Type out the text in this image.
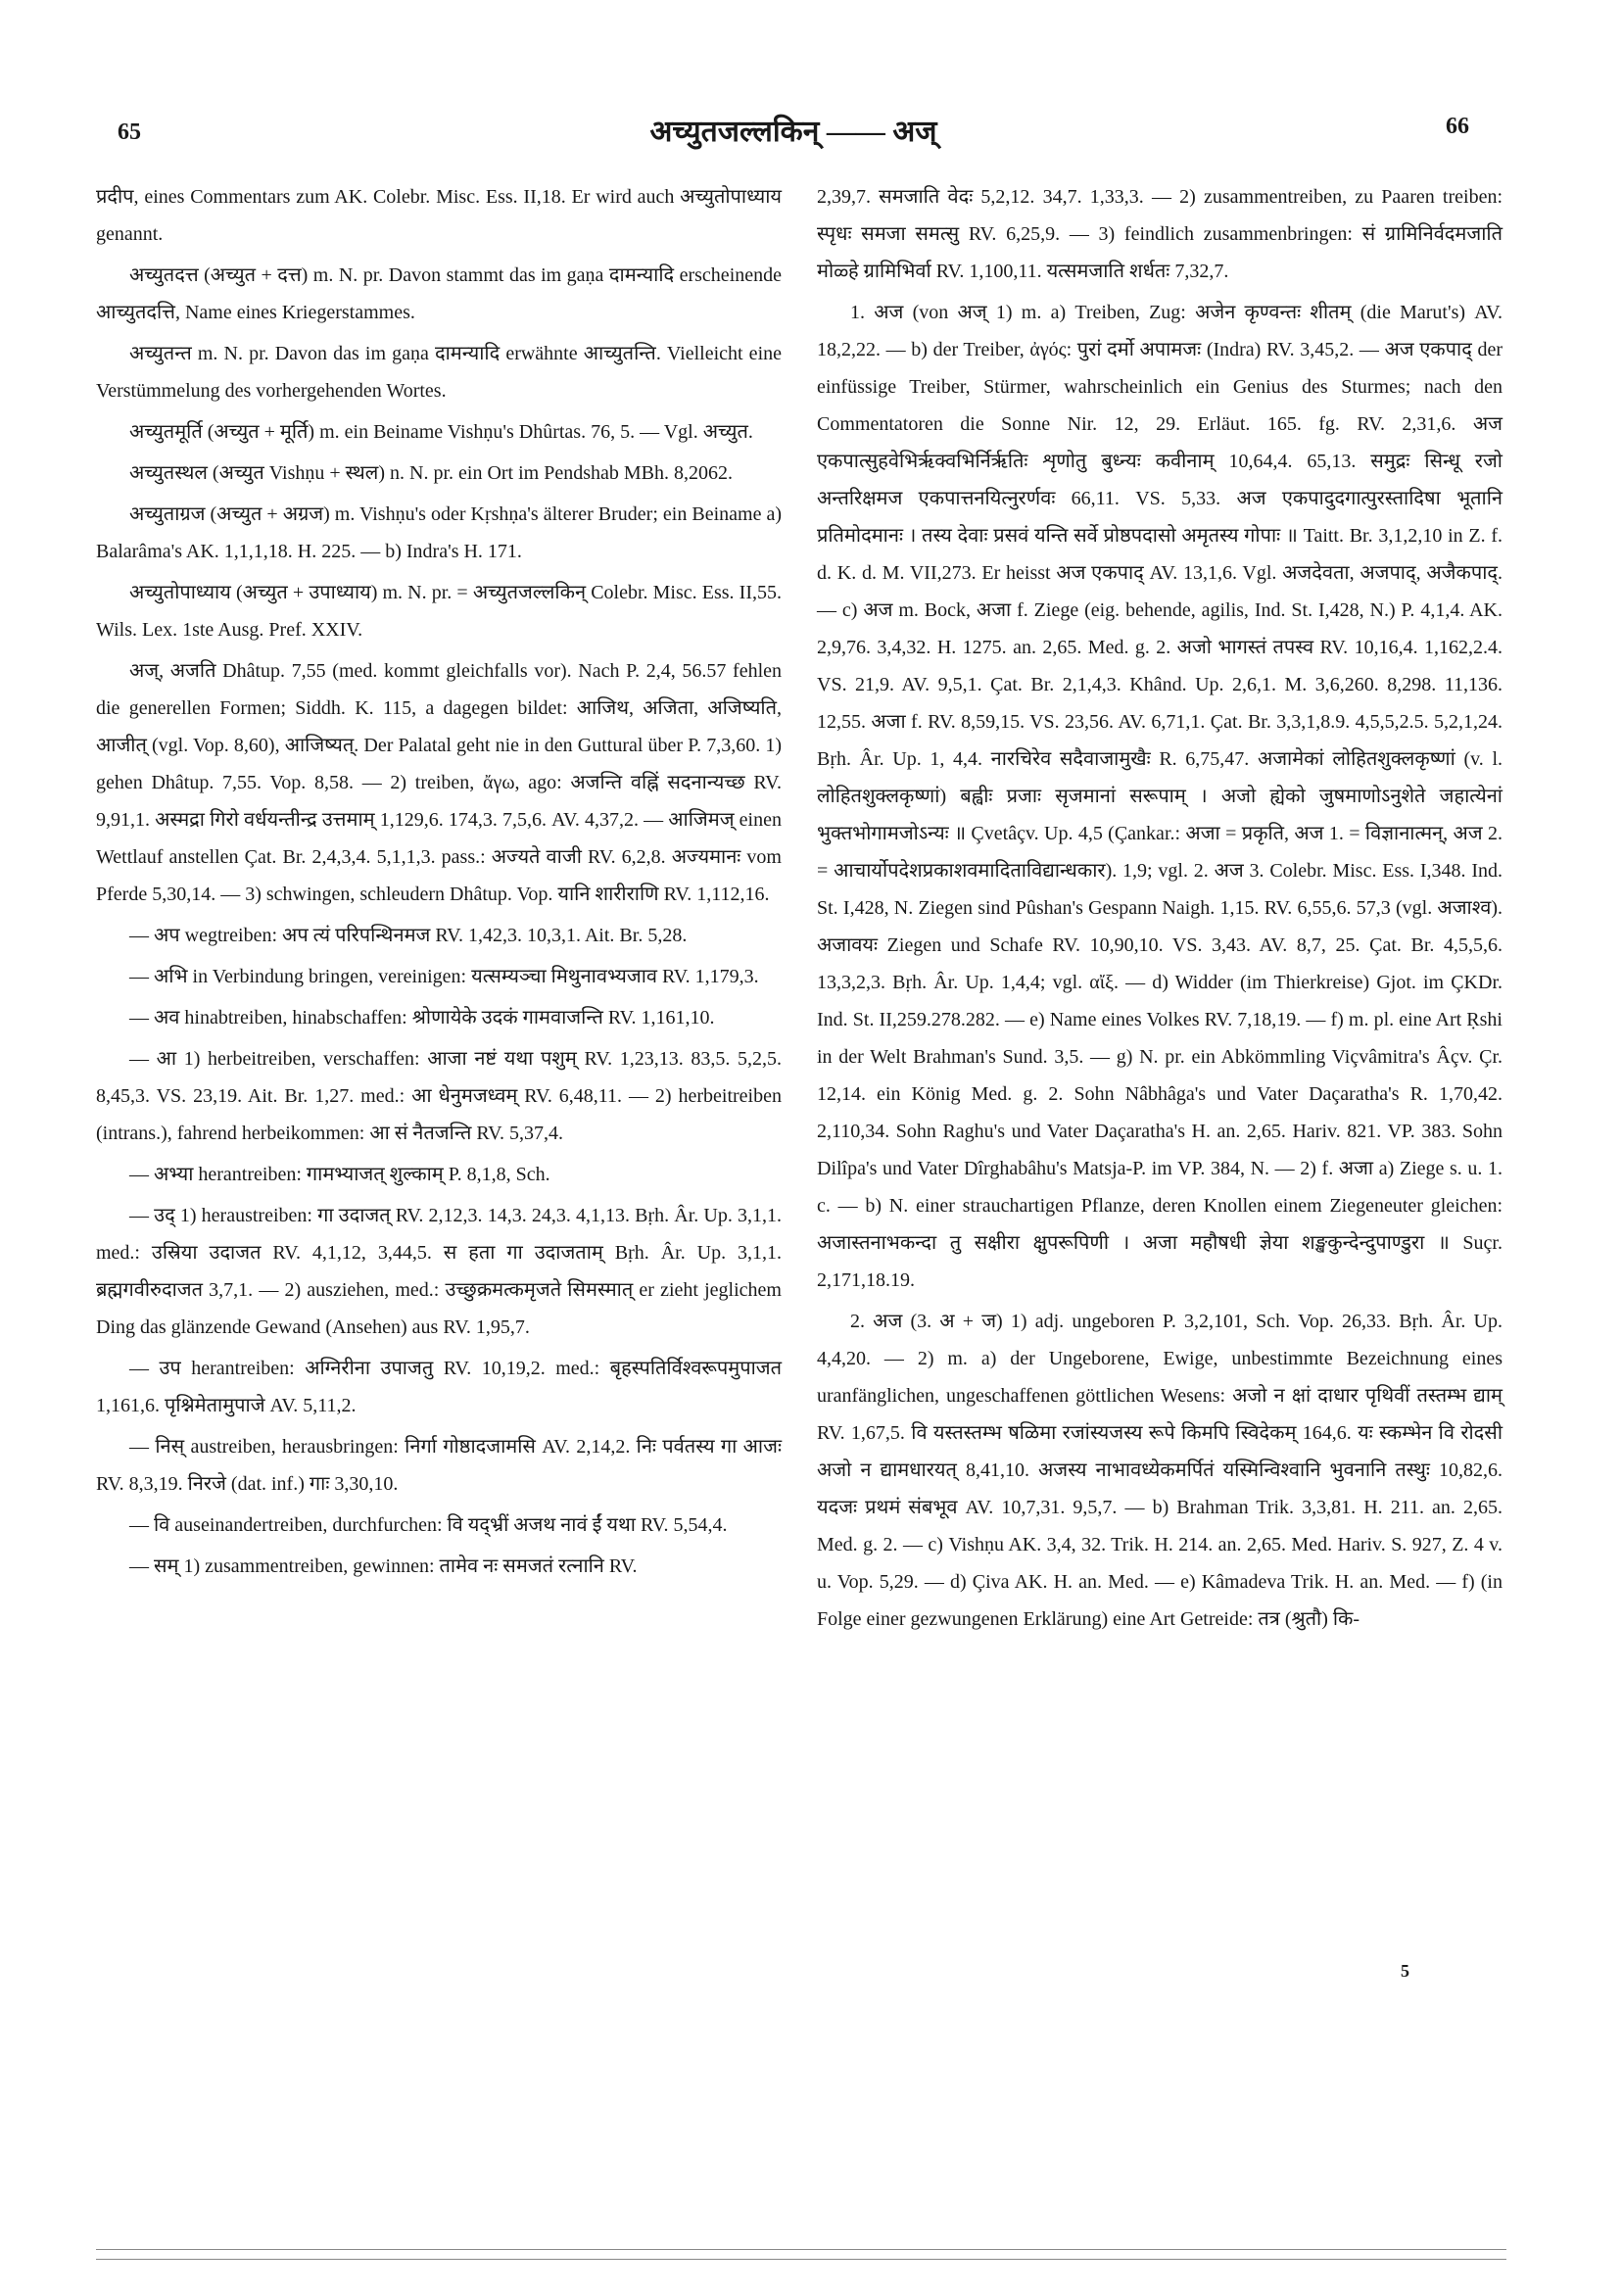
65	अच्युतजल्लकिन् —— अज्	66

प्रदीप, eines Commentars zum AK. Colebr. Misc. Ess. II,18. Er wird auch अच्युतोपाध्याय genannt.

अच्युतदत्त (अच्युत + दत्त) m. N. pr. Davon stammt das im gaṇa दामन्यादि erscheinende आच्युतदत्ति, Name eines Kriegerstammes.

अच्युतन्त m. N. pr. Davon das im gaṇa दामन्यादि erwähnte आच्युतन्ति. Vielleicht eine Verstümmelung des vorhergehenden Wortes.

अच्युतमूर्ति (अच्युत + मूर्ति) m. ein Beiname Vishṇu's Dhûrtas. 76, 5. — Vgl. अच्युत.

अच्युतस्थल (अच्युत Vishṇu + स्थल) n. N. pr. ein Ort im Pendshab MBh. 8,2062.

अच्युताग्रज (अच्युत + अग्रज) m. Vishṇu's oder Kṛshṇa's älterer Bruder; ein Beiname a) Balarâma's AK. 1,1,1,18. H. 225. — b) Indra's H. 171.

अच्युतोपाध्याय (अच्युत + उपाध्याय) m. N. pr. = अच्युतजल्लकिन् Colebr. Misc. Ess. II,55. Wils. Lex. 1ste Ausg. Pref. XXIV.

अज्, अजति Dhâtup. 7,55 (med. kommt gleichfalls vor). Nach P. 2,4, 56.57 fehlen die generellen Formen; Siddh. K. 115, a dagegen bildet: आजिथ, अजिता, अजिष्यति, आजीत् (vgl. Vop. 8,60), आजिष्यत्. Der Palatal geht nie in den Guttural über P. 7,3,60. 1) gehen Dhâtup. 7,55. Vop. 8,58. — 2) treiben, ἄγω, ago: अजन्ति वह्निं सदनान्यच्छ RV. 9,91,1. अस्मद्रा गिरो वर्धयन्तीन्द्र उत्तमाम् 1,129,6. 174,3. 7,5,6. AV. 4,37,2. — आजिमज् einen Wettlauf anstellen Çat. Br. 2,4,3,4. 5,1,1,3. pass.: अज्यते वाजी RV. 6,2,8. अज्यमानः vom Pferde 5,30,14. — 3) schwingen, schleudern Dhâtup. Vop. यानि शारीराणि RV. 1,112,16.

— अप wegtreiben: अप त्यं परिपन्थिनमज RV. 1,42,3. 10,3,1. Ait. Br. 5,28.

— अभि in Verbindung bringen, vereinigen: यत्सम्यञ्चा मिथुनावभ्यजाव RV. 1,179,3.

— अव hinabtreiben, hinabschaffen: श्रोणायेके उदकं गामवाजन्ति RV. 1,161,10.

— आ 1) herbeitreiben, verschaffen: आजा नष्टं यथा पशुम् RV. 1,23,13. 83,5. 5,2,5. 8,45,3. VS. 23,19. Ait. Br. 1,27. med.: आ धेनुमजध्वम् RV. 6,48,11. — 2) herbeitreiben (intrans.), fahrend herbeikommen: आ सं नैतजन्ति RV. 5,37,4.

— अभ्या herantreiben: गामभ्याजत् शुल्काम् P. 8,1,8, Sch.

— उद् 1) heraustreiben: गा उदाजत् RV. 2,12,3. 14,3. 24,3. 4,1,13. Bṛh. Âr. Up. 3,1,1. med.: उस्रिया उदाजत RV. 4,1,12, 3,44,5. स हता गा उदाजताम् Bṛh. Âr. Up. 3,1,1. ब्रह्मगवीरुदाजत 3,7,1. — 2) ausziehen, med.: उच्छुक्रमत्कमृजते सिमस्मात् er zieht jeglichem Ding das glänzende Gewand (Ansehen) aus RV. 1,95,7.

— उप herantreiben: अग्निरीना उपाजतु RV. 10,19,2. med.: बृहस्पतिर्विश्वरूपमुपाजत 1,161,6. पृश्निमेतामुपाजे AV. 5,11,2.

— निस् austreiben, herausbringen: निर्गा गोष्ठादजामसि AV. 2,14,2. निः पर्वतस्य गा आजः RV. 8,3,19. निरजे (dat. inf.) गाः 3,30,10.

— वि auseinandertreiben, durchfurchen: वि यद्भ्रीं अजथ नावं ईं यथा RV. 5,54,4.

— सम् 1) zusammentreiben, gewinnen: तामेव नः समजतं रत्नानि RV.

2,39,7. समजाति वेदः 5,2,12. 34,7. 1,33,3. — 2) zusammentreiben, zu Paaren treiben: स्पृधः समजा समत्सु RV. 6,25,9. — 3) feindlich zusammenbringen: सं ग्रामिनिर्वदमजाति मोळ्हे ग्रामिभिर्वा RV. 1,100,11. यत्समजाति शर्धतः 7,32,7.

1. अज (von अज् 1) m. a) Treiben, Zug: अजेन कृण्वन्तः शीतम् (die Marut's) AV. 18,2,22. — b) der Treiber, ἀγός: पुरां दर्मो अपामजः (Indra) RV. 3,45,2. — अज एकपाद् der einfüssige Treiber, Stürmer, wahrscheinlich ein Genius des Sturmes; nach den Commentatoren die Sonne Nir. 12, 29. Erläut. 165. fg. RV. 2,31,6. अज एकपात्सुहवेभिर्ऋक्वभिर्निर्ऋतिः शृणोतु बुध्न्यः कवीनाम् 10,64,4. 65,13. समुद्रः सिन्धू रजो अन्तरिक्षमज एकपात्तनयित्नुरर्णवः 66,11. VS. 5,33. अज एकपादुदगात्पुरस्तादिषा भूतानि प्रतिमोदमानः । तस्य देवाः प्रसवं यन्ति सर्वे प्रोष्ठपदासो अमृतस्य गोपाः ॥ Taitt. Br. 3,1,2,10 in Z. f. d. K. d. M. VII,273. Er heisst अज एकपाद् AV. 13,1,6. Vgl. अजदेवता, अजपाद्, अजैकपाद्. — c) अज m. Bock, अजा f. Ziege (eig. behende, agilis, Ind. St. I,428, N.) P. 4,1,4. AK. 2,9,76. 3,4,32. H. 1275. an. 2,65. Med. g. 2. अजो भागस्तं तपस्व RV. 10,16,4. 1,162,2.4. VS. 21,9. AV. 9,5,1. Çat. Br. 2,1,4,3. Khând. Up. 2,6,1. M. 3,6,260. 8,298. 11,136. 12,55. अजा f. RV. 8,59,15. VS. 23,56. AV. 6,71,1. Çat. Br. 3,3,1,8.9. 4,5,5,2.5. 5,2,1,24. Bṛh. Âr. Up. 1, 4,4. नारचिरेव सदैवाजामुखैः R. 6,75,47. अजामेकां लोहितशुक्लकृष्णां (v. l. लोहितशुक्लकृष्णां) बह्वीः प्रजाः सृजमानां सरूपाम् । अजो ह्येको जुषमाणोऽनुशेते जहात्येनां भुक्तभोगामजोऽन्यः ॥ Çvetâçv. Up. 4,5 (Çankar.: अजा = प्रकृति, अज 1. = विज्ञानात्मन्, अज 2. = आचार्योपदेशप्रकाशवमादिताविद्यान्धकार). 1,9; vgl. 2. अज 3. Colebr. Misc. Ess. I,348. Ind. St. I,428, N. Ziegen sind Pûshan's Gespann Naigh. 1,15. RV. 6,55,6. 57,3 (vgl. अजाश्व). अजावयः Ziegen und Schafe RV. 10,90,10. VS. 3,43. AV. 8,7, 25. Çat. Br. 4,5,5,6. 13,3,2,3. Bṛh. Âr. Up. 1,4,4; vgl. αἴξ. — d) Widder (im Thierkreise) Gjot. im ÇKDr. Ind. St. II,259.278.282. — e) Name eines Volkes RV. 7,18,19. — f) m. pl. eine Art Ṛshi in der Welt Brahman's Sund. 3,5. — g) N. pr. ein Abkömmling Viçvâmitra's Âçv. Çr. 12,14. ein König Med. g. 2. Sohn Nâbhâga's und Vater Daçaratha's R. 1,70,42. 2,110,34. Sohn Raghu's und Vater Daçaratha's H. an. 2,65. Hariv. 821. VP. 383. Sohn Dilîpa's und Vater Dîrghabâhu's Matsja-P. im VP. 384, N. — 2) f. अजा a) Ziege s. u. 1. c. — b) N. einer strauchartigen Pflanze, deren Knollen einem Ziegeneuter gleichen: अजास्तनाभकन्दा तु सक्षीरा क्षुपरूपिणी । अजा महौषधी ज्ञेया शङ्खकुन्देन्दुपाण्डुरा ॥ Suçr. 2,171,18.19.

2. अज (3. अ + ज) 1) adj. ungeboren P. 3,2,101, Sch. Vop. 26,33. Bṛh. Âr. Up. 4,4,20. — 2) m. a) der Ungeborene, Ewige, unbestimmte Bezeichnung eines uranfänglichen, ungeschaffenen göttlichen Wesens: अजो न क्षां दाधार पृथिवीं तस्तम्भ द्याम् RV. 1,67,5. वि यस्तस्तम्भ षळिमा रजांस्यजस्य रूपे किमपि स्विदेकम् 164,6. यः स्कम्भेन वि रोदसी अजो न द्यामधारयत् 8,41,10. अजस्य नाभावध्येकमर्पितं यस्मिन्विश्वानि भुवनानि तस्थुः 10,82,6. यदजः प्रथमं संबभूव AV. 10,7,31. 9,5,7. — b) Brahman Trik. 3,3,81. H. 211. an. 2,65. Med. g. 2. — c) Vishṇu AK. 3,4, 32. Trik. H. 214. an. 2,65. Med. Hariv. S. 927, Z. 4 v. u. Vop. 5,29. — d) Çiva AK. H. an. Med. — e) Kâmadeva Trik. H. an. Med. — f) (in Folge einer gezwungenen Erklärung) eine Art Getreide: तत्र (श्रुतौ) कि-

5
